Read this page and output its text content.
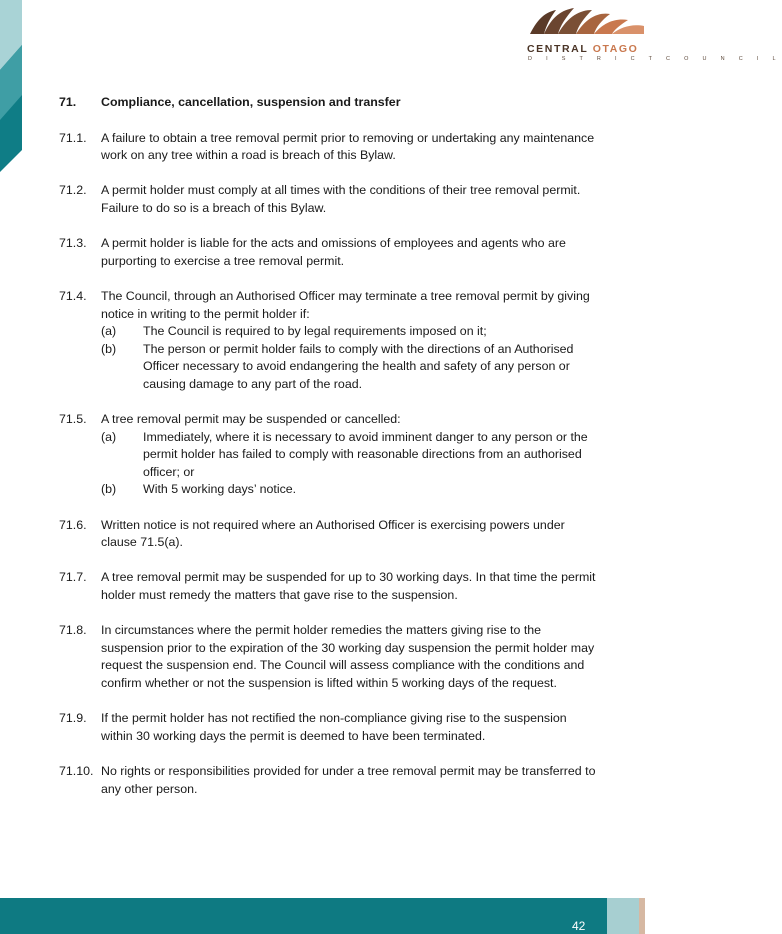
CENTRAL OTAGO
D I S T R I C T C O U N C I L
71.	Compliance, cancellation, suspension and transfer
71.1.	A failure to obtain a tree removal permit prior to removing or undertaking any maintenance work on any tree within a road is breach of this Bylaw.
71.2.	A permit holder must comply at all times with the conditions of their tree removal permit. Failure to do so is a breach of this Bylaw.
71.3.	A permit holder is liable for the acts and omissions of employees and agents who are purporting to exercise a tree removal permit.
71.4.	The Council, through an Authorised Officer may terminate a tree removal permit by giving notice in writing to the permit holder if:
(a)	The Council is required to by legal requirements imposed on it;
(b)	The person or permit holder fails to comply with the directions of an Authorised Officer necessary to avoid endangering the health and safety of any person or causing damage to any part of the road.
71.5.	A tree removal permit may be suspended or cancelled:
(a)	Immediately, where it is necessary to avoid imminent danger to any person or the permit holder has failed to comply with reasonable directions from an authorised officer; or
(b)	With 5 working days’ notice.
71.6.	Written notice is not required where an Authorised Officer is exercising powers under clause 71.5(a).
71.7.	A tree removal permit may be suspended for up to 30 working days. In that time the permit holder must remedy the matters that gave rise to the suspension.
71.8.	In circumstances where the permit holder remedies the matters giving rise to the suspension prior to the expiration of the 30 working day suspension the permit holder may request the suspension end. The Council will assess compliance with the conditions and confirm whether or not the suspension is lifted within 5 working days of the request.
71.9.	If the permit holder has not rectified the non-compliance giving rise to the suspension within 30 working days the permit is deemed to have been terminated.
71.10. No rights or responsibilities provided for under a tree removal permit may be transferred to any other person.
42
